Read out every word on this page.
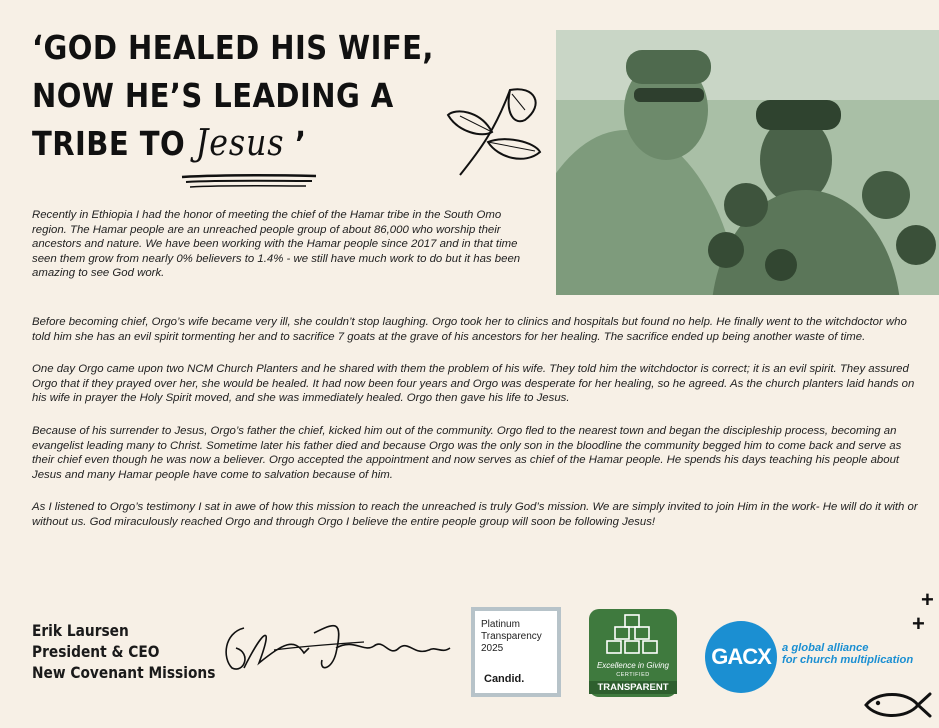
‘GOD HEALED HIS WIFE,
NOW HE’S LEADING A
TRIBE TO Jesus ’
Recently in Ethiopia I had the honor of meeting the chief of the Hamar tribe in the South Omo region. The Hamar people are an unreached people group of about 86,000 who worship their ancestors and nature. We have been working with the Hamar people since 2017 and in that time seen them grow from nearly 0% believers to 1.4% - we still have much work to do but it has been amazing to see God work.

Before becoming chief, Orgo’s wife became very ill, she couldn’t stop laughing. Orgo took her to clinics and hospitals but found no help. He finally went to the witchdoctor who told him she has an evil spirit tormenting her and to sacrifice 7 goats at the grave of his ancestors for her healing. The sacrifice ended up being another waste of time.

One day Orgo came upon two NCM Church Planters and he shared with them the problem of his wife. They told him the witchdoctor is correct; it is an evil spirit. They assured Orgo that if they prayed over her, she would be healed. It had now been four years and Orgo was desperate for her healing, so he agreed. As the church planters laid hands on his wife in prayer the Holy Spirit moved, and she was immediately healed. Orgo then gave his life to Jesus.

Because of his surrender to Jesus, Orgo’s father the chief, kicked him out of the community. Orgo fled to the nearest town and began the discipleship process, becoming an evangelist leading many to Christ. Sometime later his father died and because Orgo was the only son in the bloodline the community begged him to come back and serve as their chief even though he was now a believer. Orgo accepted the appointment and now serves as chief of the Hamar people. He spends his days teaching his people about Jesus and many Hamar people have come to salvation because of him.

As I listened to Orgo’s testimony I sat in awe of how this mission to reach the unreached is truly God’s mission. We are simply invited to join Him in the work- He will do it with or without us. God miraculously reached Orgo and through Orgo I believe the entire people group will soon be following Jesus!

Erik Laursen
President & CEO
New Covenant Missions
Platinum
Transparency
2025
Candid.
Excellence in Giving
CERTIFIED
TRANSPARENT
GACX	a global alliance
for church multiplication
+
+
